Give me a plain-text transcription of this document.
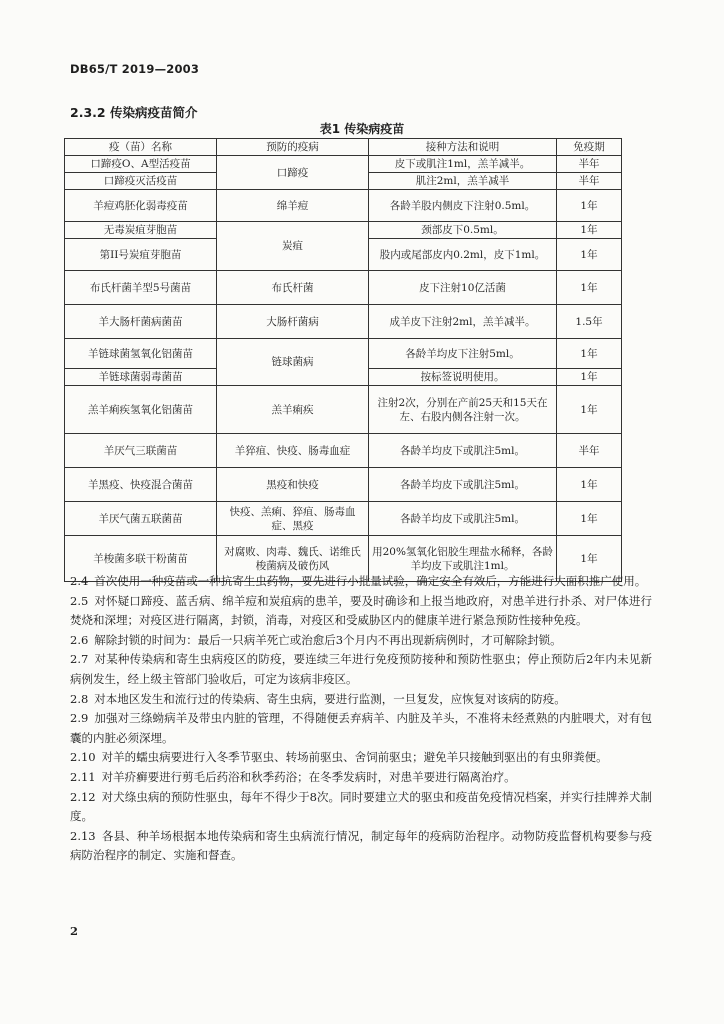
DB65/T 2019—2003
2.3.2 传染病疫苗简介
表1 传染病疫苗
疫（苗）名称	预防的疫病	接种方法和说明	免疫期
口蹄疫O、A型活疫苗	口蹄疫	皮下或肌注1ml，羔羊减半。	半年
口蹄疫灭活疫苗		肌注2ml，羔羊减半	半年
羊痘鸡胚化弱毒疫苗	绵羊痘	各龄羊股内侧皮下注射0.5ml。	1年
无毒炭疽芽胞苗	炭疽	颈部皮下0.5ml。	1年
第II号炭疽芽胞苗		股内或尾部皮内0.2ml，皮下1ml。	1年
布氏杆菌羊型5号菌苗	布氏杆菌	皮下注射10亿活菌	1年
羊大肠杆菌病菌苗	大肠杆菌病	成羊皮下注射2ml，羔羊减半。	1.5年
羊链球菌氢氧化铝菌苗	链球菌病	各龄羊均皮下注射5ml。	1年
羊链球菌弱毒菌苗		按标签说明使用。	1年
羔羊痢疾氢氧化铝菌苗	羔羊痢疾	注射2次，分别在产前25天和15天在左、右股内侧各注射一次。	1年
羊厌气三联菌苗	羊猝疽、快疫、肠毒血症	各龄羊均皮下或肌注5ml。	半年
羊黑疫、快疫混合菌苗	黑疫和快疫	各龄羊均皮下或肌注5ml。	1年
羊厌气菌五联菌苗	快疫、羔痢、猝疽、肠毒血症、黑疫	各龄羊均皮下或肌注5ml。	1年
羊梭菌多联干粉菌苗	对腐败、肉毒、魏氏、诺维氏梭菌病及破伤风	用20%氢氧化铝胶生理盐水稀释，各龄羊均皮下或肌注1ml。	1年

2.4 首次使用一种疫苗或一种抗寄生虫药物，要先进行小批量试验，确定安全有效后，方能进行大面积推广使用。

2.5 对怀疑口蹄疫、蓝舌病、绵羊痘和炭疽病的患羊，要及时确诊和上报当地政府，对患羊进行扑杀、对尸体进行焚烧和深埋；对疫区进行隔离，封锁，消毒，对疫区和受威胁区内的健康羊进行紧急预防性接种免疫。

2.6 解除封锁的时间为：最后一只病羊死亡或治愈后3个月内不再出现新病例时，才可解除封锁。

2.7 对某种传染病和寄生虫病疫区的防疫，要连续三年进行免疫预防接种和预防性驱虫；停止预防后2年内未见新病例发生，经上级主管部门验收后，可定为该病非疫区。

2.8 对本地区发生和流行过的传染病、寄生虫病，要进行监测，一旦复发，应恢复对该病的防疫。

2.9 加强对三绦蚴病羊及带虫内脏的管理，不得随便丢弃病羊、内脏及羊头，不准将未经煮熟的内脏喂犬，对有包囊的内脏必须深埋。

2.10 对羊的蠕虫病要进行入冬季节驱虫、转场前驱虫、舍饲前驱虫；避免羊只接触到驱出的有虫卵粪便。

2.11 对羊疥癣要进行剪毛后药浴和秋季药浴；在冬季发病时，对患羊要进行隔离治疗。

2.12 对犬绦虫病的预防性驱虫，每年不得少于8次。同时要建立犬的驱虫和疫苗免疫情况档案，并实行挂牌养犬制度。

2.13 各县、种羊场根据本地传染病和寄生虫病流行情况，制定每年的疫病防治程序。动物防疫监督机构要参与疫病防治程序的制定、实施和督查。

2
